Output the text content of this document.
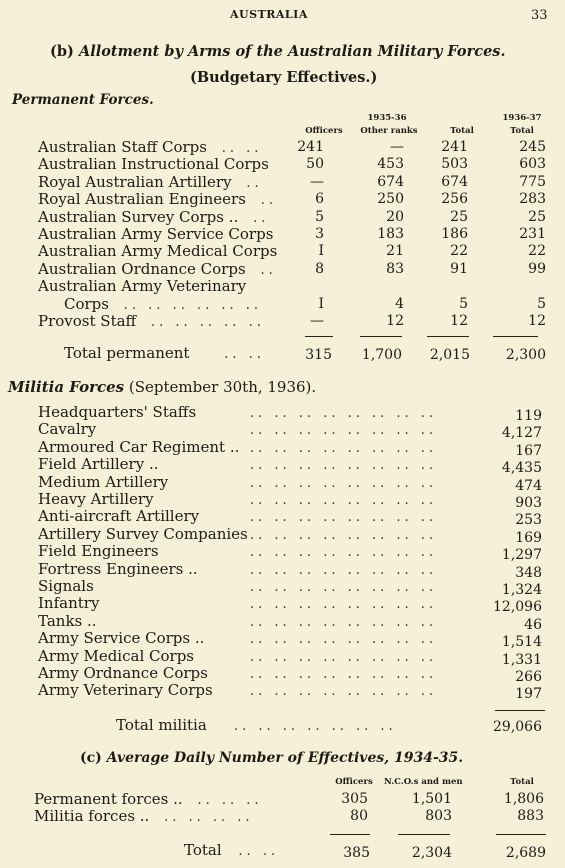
AUSTRALIA	33
(b) Allotment by Arms of the Australian Military Forces.
(Budgetary Effectives.)
Permanent Forces.
1935-36	1936-37
Officers	Other ranks	Total	Total
Australian Staff Corps .. ..	241	—	241	245
Australian Instructional Corps	50	453	503	603
Royal Australian Artillery ..	—	674	674	775
Royal Australian Engineers ..	6	250	256	283
Australian Survey Corps .. ..	5	20	25	25
Australian Army Service Corps	3	183	186	231
Australian Army Medical Corps	I	21	22	22
Australian Ordnance Corps ..	8	83	91	99
Australian Army Veterinary
Corps .. .. .. .. .. ..	I	4	5	5
Provost Staff .. .. .. .. ..	—	12	12	12
Total permanent	.. ..	315	1,700	2,015	2,300
Militia Forces (September 30th, 1936).
Headquarters' Staffs	.. .. .. .. .. .. .. ..	119
Cavalry	.. .. .. .. .. .. .. ..	4,127
Armoured Car Regiment .. .. .. .. .. .. .. .. ..	167
Field Artillery ..	.. .. .. .. .. .. .. ..	4,435
Medium Artillery	.. .. .. .. .. .. .. ..	474
Heavy Artillery	.. .. .. .. .. .. .. ..	903
Anti-aircraft Artillery	.. .. .. .. .. .. .. ..	253
Artillery Survey Companies .. .. .. .. .. .. .. ..	169
Field Engineers	.. .. .. .. .. .. .. ..	1,297
Fortress Engineers ..	.. .. .. .. .. .. .. ..	348
Signals	.. .. .. .. .. .. .. ..	1,324
Infantry	.. .. .. .. .. .. .. ..	12,096
Tanks ..	.. .. .. .. .. .. .. ..	46
Army Service Corps ..	.. .. .. .. .. .. .. ..	1,514
Army Medical Corps	.. .. .. .. .. .. .. ..	1,331
Army Ordnance Corps	.. .. .. .. .. .. .. ..	266
Army Veterinary Corps	.. .. .. .. .. .. .. ..	197
Total militia .. .. .. .. .. .. ..	29,066
(c) Average Daily Number of Effectives, 1934-35.
Officers	N.C.O.s and men	Total
Permanent forces .. .. .. ..	305	1,501	1,806
Militia forces .. .. .. .. ..	80	803	883
Total .. ..	385	2,304	2,689
